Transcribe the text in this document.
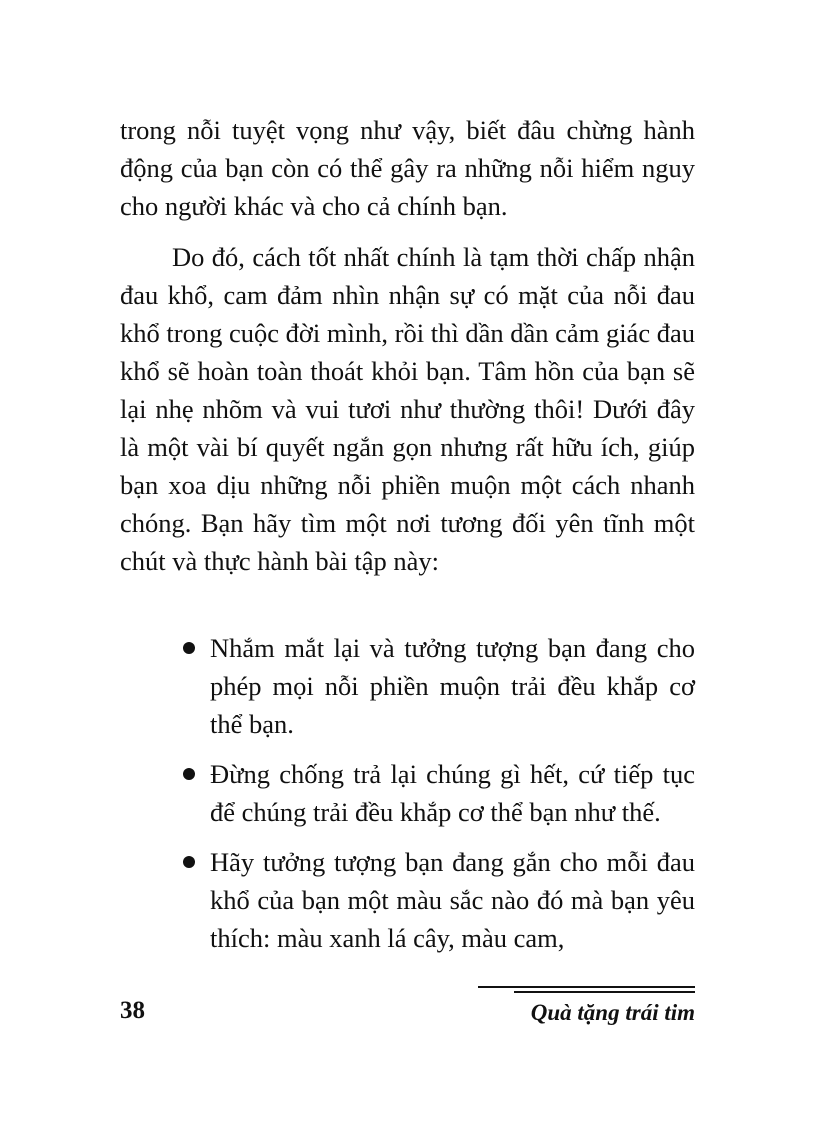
trong nỗi tuyệt vọng như vậy, biết đâu chừng hành động của bạn còn có thể gây ra những nỗi hiểm nguy cho người khác và cho cả chính bạn.
Do đó, cách tốt nhất chính là tạm thời chấp nhận đau khổ, cam đảm nhìn nhận sự có mặt của nỗi đau khổ trong cuộc đời mình, rồi thì dần dần cảm giác đau khổ sẽ hoàn toàn thoát khỏi bạn. Tâm hồn của bạn sẽ lại nhẹ nhõm và vui tươi như thường thôi! Dưới đây là một vài bí quyết ngắn gọn nhưng rất hữu ích, giúp bạn xoa dịu những nỗi phiền muộn một cách nhanh chóng. Bạn hãy tìm một nơi tương đối yên tĩnh một chút và thực hành bài tập này:
Nhắm mắt lại và tưởng tượng bạn đang cho phép mọi nỗi phiền muộn trải đều khắp cơ thể bạn.
Đừng chống trả lại chúng gì hết, cứ tiếp tục để chúng trải đều khắp cơ thể bạn như thế.
Hãy tưởng tượng bạn đang gắn cho mỗi đau khổ của bạn một màu sắc nào đó mà bạn yêu thích: màu xanh lá cây, màu cam,
38	Quà tặng trái tim
